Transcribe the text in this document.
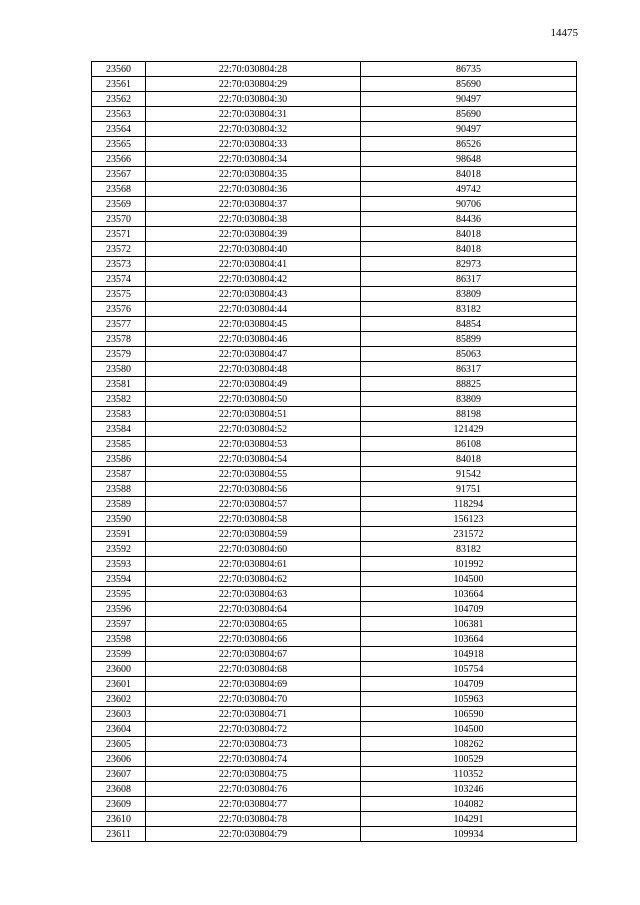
14475
23560	22:70:030804:28	86735
23561	22:70:030804:29	85690
23562	22:70:030804:30	90497
23563	22:70:030804:31	85690
23564	22:70:030804:32	90497
23565	22:70:030804:33	86526
23566	22:70:030804:34	98648
23567	22:70:030804:35	84018
23568	22:70:030804:36	49742
23569	22:70:030804:37	90706
23570	22:70:030804:38	84436
23571	22:70:030804:39	84018
23572	22:70:030804:40	84018
23573	22:70:030804:41	82973
23574	22:70:030804:42	86317
23575	22:70:030804:43	83809
23576	22:70:030804:44	83182
23577	22:70:030804:45	84854
23578	22:70:030804:46	85899
23579	22:70:030804:47	85063
23580	22:70:030804:48	86317
23581	22:70:030804:49	88825
23582	22:70:030804:50	83809
23583	22:70:030804:51	88198
23584	22:70:030804:52	121429
23585	22:70:030804:53	86108
23586	22:70:030804:54	84018
23587	22:70:030804:55	91542
23588	22:70:030804:56	91751
23589	22:70:030804:57	118294
23590	22:70:030804:58	156123
23591	22:70:030804:59	231572
23592	22:70:030804:60	83182
23593	22:70:030804:61	101992
23594	22:70:030804:62	104500
23595	22:70:030804:63	103664
23596	22:70:030804:64	104709
23597	22:70:030804:65	106381
23598	22:70:030804:66	103664
23599	22:70:030804:67	104918
23600	22:70:030804:68	105754
23601	22:70:030804:69	104709
23602	22:70:030804:70	105963
23603	22:70:030804:71	106590
23604	22:70:030804:72	104500
23605	22:70:030804:73	108262
23606	22:70:030804:74	100529
23607	22:70:030804:75	110352
23608	22:70:030804:76	103246
23609	22:70:030804:77	104082
23610	22:70:030804:78	104291
23611	22:70:030804:79	109934
